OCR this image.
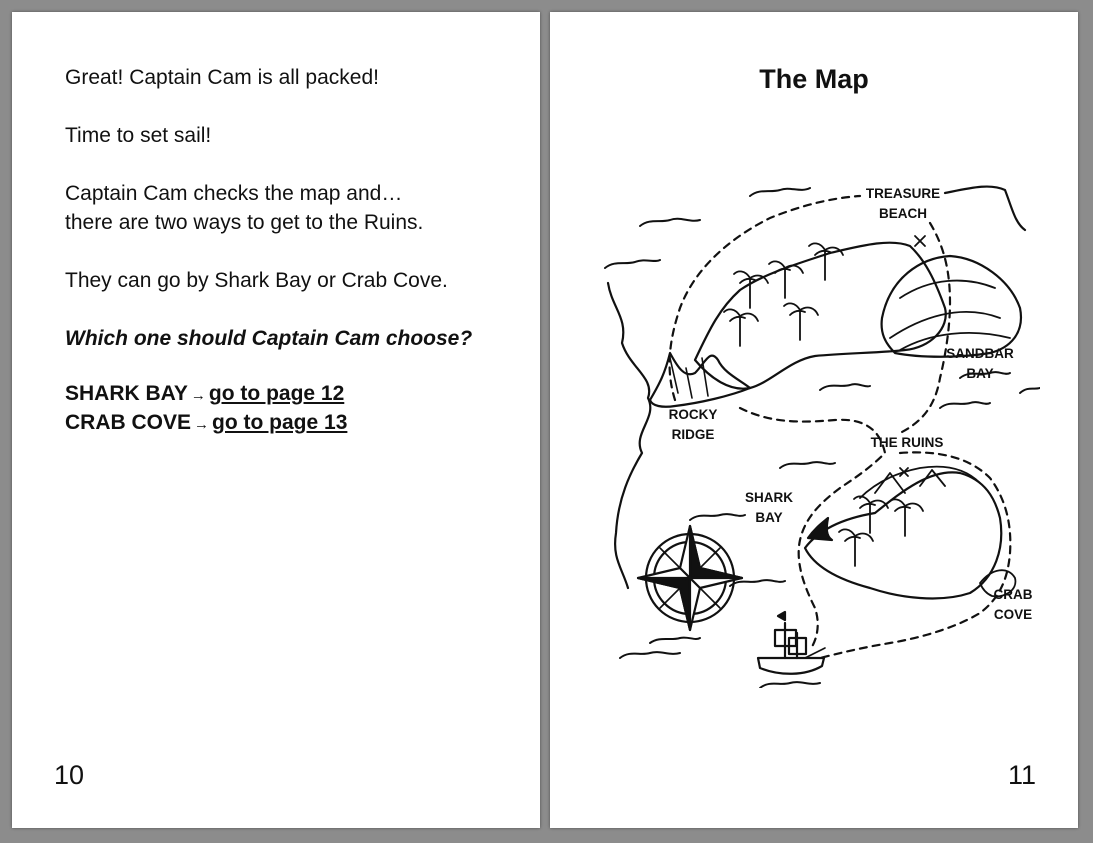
Great! Captain Cam is all packed!
Time to set sail!
Captain Cam checks the map and…
there are two ways to get to the Ruins.
They can go by Shark Bay or Crab Cove.
Which one should Captain Cam choose?
SHARK BAY → go to page 12
CRAB COVE → go to page 13
10
The Map
TREASURE
BEACH
SANDBAR
BAY
ROCKY
RIDGE
THE RUINS
SHARK
BAY
CRAB
COVE
11
